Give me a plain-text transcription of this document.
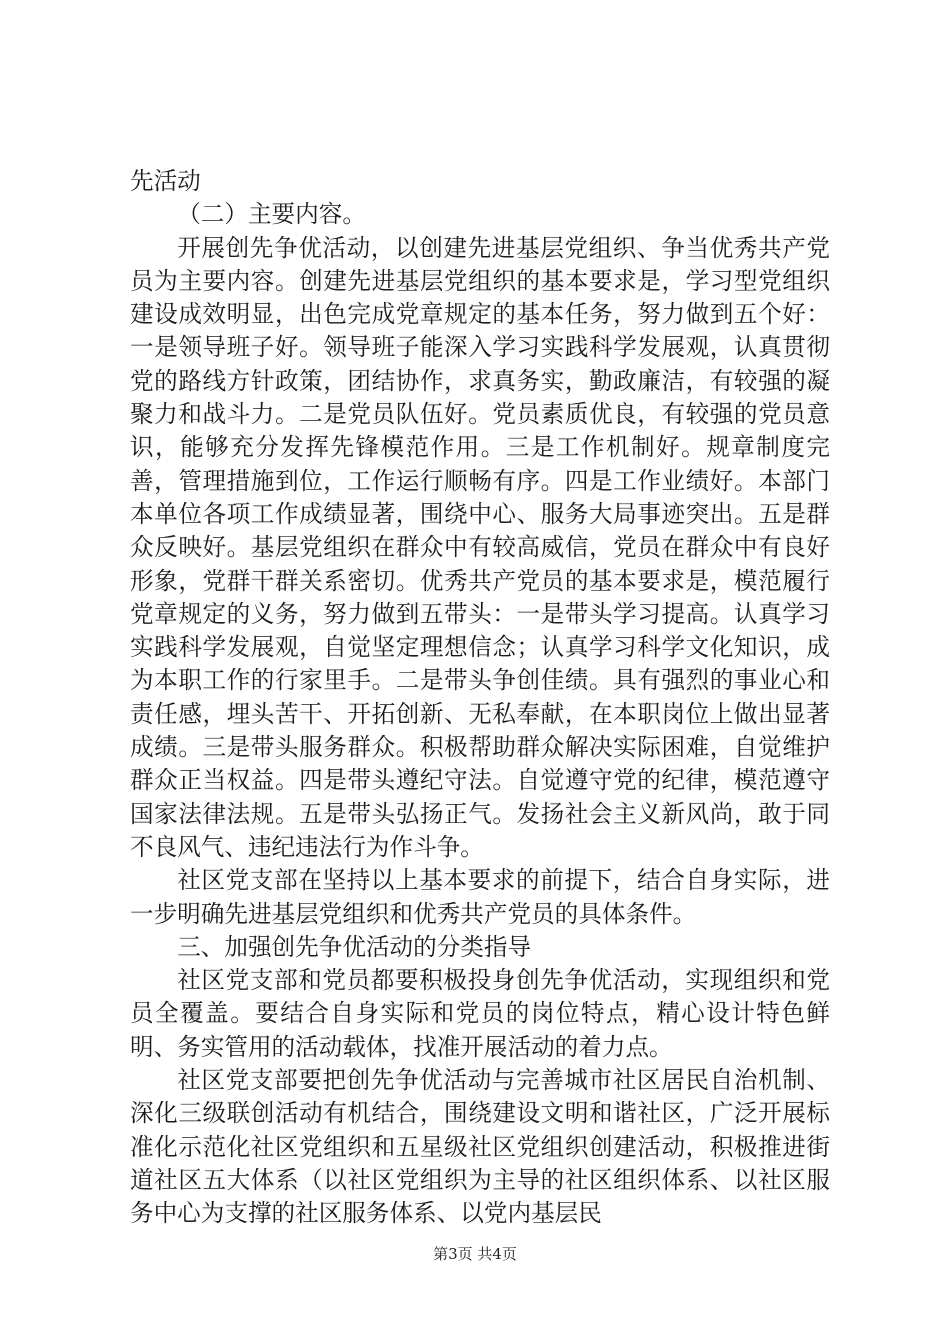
先活动

（二）主要内容。

开展创先争优活动，以创建先进基层党组织、争当优秀共产党员为主要内容。创建先进基层党组织的基本要求是，学习型党组织建设成效明显，出色完成党章规定的基本任务，努力做到五个好：一是领导班子好。领导班子能深入学习实践科学发展观，认真贯彻党的路线方针政策，团结协作，求真务实，勤政廉洁，有较强的凝聚力和战斗力。二是党员队伍好。党员素质优良，有较强的党员意识，能够充分发挥先锋模范作用。三是工作机制好。规章制度完善，管理措施到位，工作运行顺畅有序。四是工作业绩好。本部门本单位各项工作成绩显著，围绕中心、服务大局事迹突出。五是群众反映好。基层党组织在群众中有较高威信，党员在群众中有良好形象，党群干群关系密切。优秀共产党员的基本要求是，模范履行党章规定的义务，努力做到五带头：一是带头学习提高。认真学习实践科学发展观，自觉坚定理想信念；认真学习科学文化知识，成为本职工作的行家里手。二是带头争创佳绩。具有强烈的事业心和责任感，埋头苦干、开拓创新、无私奉献，在本职岗位上做出显著成绩。三是带头服务群众。积极帮助群众解决实际困难，自觉维护群众正当权益。四是带头遵纪守法。自觉遵守党的纪律，模范遵守国家法律法规。五是带头弘扬正气。发扬社会主义新风尚，敢于同不良风气、违纪违法行为作斗争。

社区党支部在坚持以上基本要求的前提下，结合自身实际，进一步明确先进基层党组织和优秀共产党员的具体条件。

三、加强创先争优活动的分类指导

社区党支部和党员都要积极投身创先争优活动，实现组织和党员全覆盖。要结合自身实际和党员的岗位特点，精心设计特色鲜明、务实管用的活动载体，找准开展活动的着力点。

社区党支部要把创先争优活动与完善城市社区居民自治机制、深化三级联创活动有机结合，围绕建设文明和谐社区，广泛开展标准化示范化社区党组织和五星级社区党组织创建活动，积极推进街道社区五大体系（以社区党组织为主导的社区组织体系、以社区服务中心为支撑的社区服务体系、以党内基层民

第3页 共4页
